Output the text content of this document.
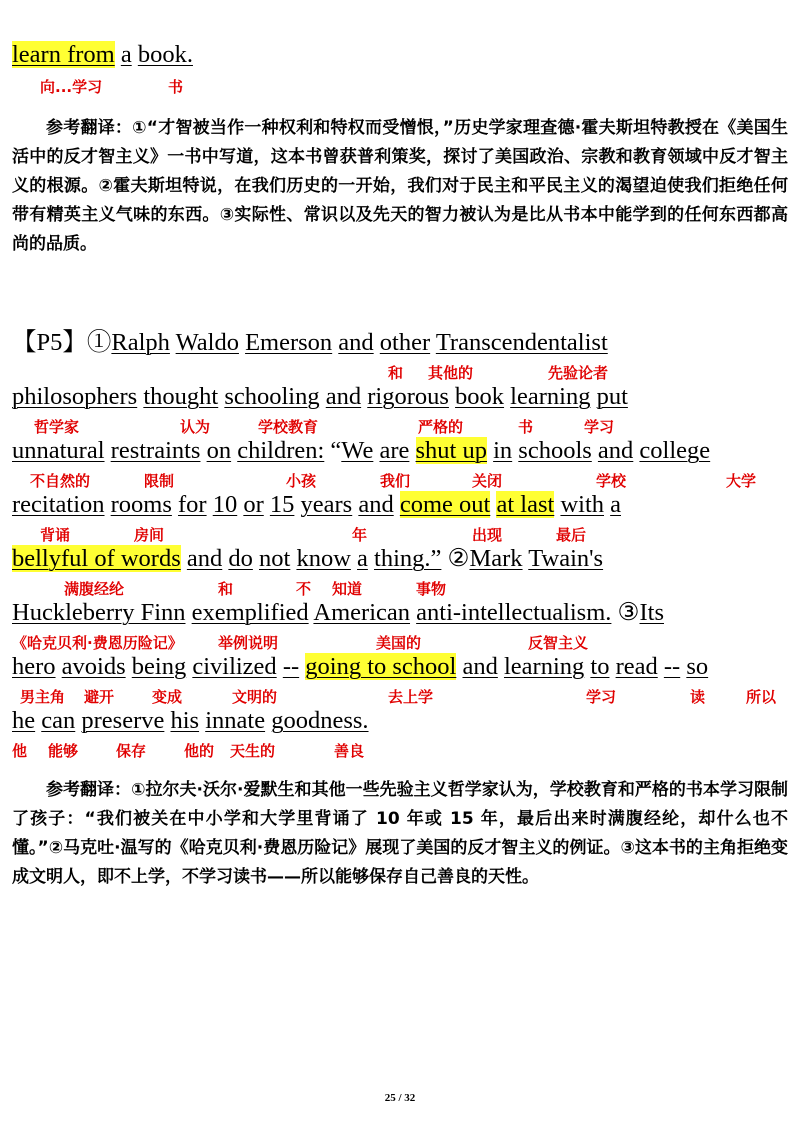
learn from a book.
向...学习	书

参考翻译：①“才智被当作一种权利和特权而受憎恨，”历史学家理查德·霍夫斯坦特教授在《美国生活中的反才智主义》一书中写道，这本书曾获普利策奖，探讨了美国政治、宗教和教育领域中反才智主义的根源。②霍夫斯坦特说，在我们历史的一开始，我们对于民主和平民主义的渴望迫使我们拒绝任何带有精英主义气味的东西。③实际性、常识以及先天的智力被认为是比从书本中能学到的任何东西都高尚的品质。

【P5】①Ralph Waldo Emerson and other Transcendentalist
和 其他的	先验论者
philosophers thought schooling and rigorous book learning put
哲学家	认为	学校教育	严格的	书	学习
unnatural restraints on children: “We are shut up in schools and college
不自然的	限制	小孩	我们	关闭	学校	大学
recitation rooms for 10 or 15 years and come out at last with a
背诵	房间	年	出现	最后
bellyful of words and do not know a thing.” ②Mark Twain's
满腹经纶	和	不 知道	事物
Huckleberry Finn exemplified American anti-intellectualism. ③Its
《哈克贝利·费恩历险记》 举例说明	美国的	反智主义
hero avoids being civilized -- going to school and learning to read -- so
男主角 避开	变成	文明的	去上学	学习	读	所以
he can preserve his innate goodness.
他 能够	保存	他的 天生的	善良

参考翻译：①拉尔夫·沃尔·爱默生和其他一些先验主义哲学家认为，学校教育和严格的书本学习限制了孩子：“我们被关在中小学和大学里背诵了 10 年或 15 年，最后出来时满腹经纶，却什么也不懂。”②马克吐·温写的《哈克贝利·费恩历险记》展现了美国的反才智主义的例证。③这本书的主角拒绝变成文明人，即不上学，不学习读书——所以能够保存自己善良的天性。

25 / 32
